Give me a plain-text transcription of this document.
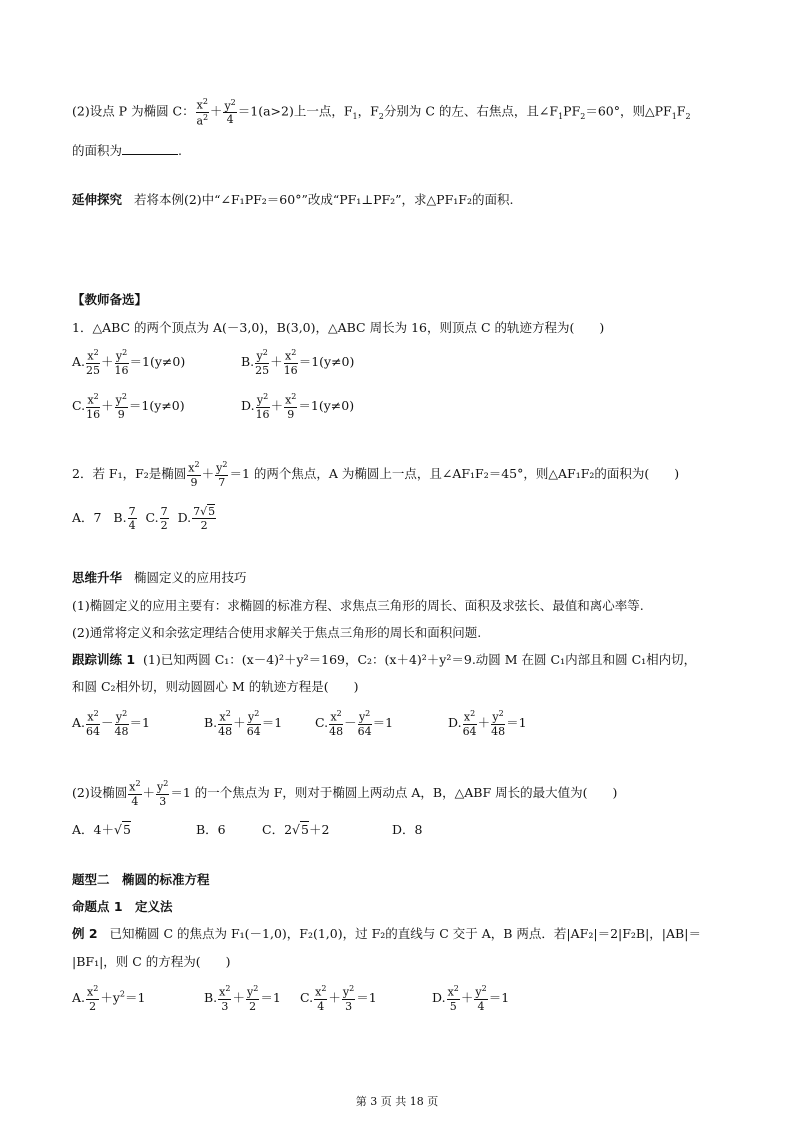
(2)设点 P 为椭圆 C： $\frac{x^2}{a^2} + \frac{y^2}{4} =1(a>2)$上一点，$F_1$，$F_2$分别为 C 的左、右焦点，且$\angle F_1PF_2=60^\circ$，则$\triangle PF_1F_2$
的面积为	.
延伸探究 若将本例(2)中“∠F₁PF₂＝60°”改成“PF₁⊥PF₂”，求△PF₁F₂的面积.
【教师备选】
1．△ABC 的两个顶点为 A(－3,0)，B(3,0)，△ABC 周长为 16，则顶点 C 的轨迹方程为(　　)
A. $\frac{x^2}{25} + \frac{y^2}{16} =1(y\ne 0)$	B. $\frac{y^2}{25} + \frac{x^2}{16} =1(y\ne 0)$
C. $\frac{x^2}{16} + \frac{y^2}{9} =1(y\ne 0)$	D. $\frac{y^2}{16} + \frac{x^2}{9} =1(y\ne 0)$
2．若 F₁，F₂是椭圆 $\frac{x^2}{9} + \frac{y^2}{7} =1$ 的两个焦点，A 为椭圆上一点，且∠AF₁F₂＝45°，则△AF₁F₂的面积为(　　)
A．7 B. $\frac{7}{4} C$. $\frac{7}{2} D$. $\frac{7√5}{2}$
思维升华 椭圆定义的应用技巧
(1)椭圆定义的应用主要有：求椭圆的标准方程、求焦点三角形的周长、面积及求弦长、最值和离心率等.
(2)通常将定义和余弦定理结合使用求解关于焦点三角形的周长和面积问题.
跟踪训练 1 (1)已知两圆 C₁：(x－4)²＋y²＝169，C₂：(x＋4)²＋y²＝9.动圆 M 在圆 C₁内部且和圆 C₁相内切，
和圆 C₂相外切，则动圆圆心 M 的轨迹方程是(　　)
A. $\frac{x^2}{64} - \frac{y^2}{48} =1$	B. $\frac{x^2}{48} + \frac{y^2}{64} =1$	C. $\frac{x^2}{48} - \frac{y^2}{64} =1$	D. $\frac{x^2}{64} + \frac{y^2}{48} =1$
(2)设椭圆 $\frac{x^2}{4} + \frac{y^2}{3} =1$ 的一个焦点为 F，则对于椭圆上两动点 A，B，△ABF 周长的最大值为(　　)
A．4＋√5	B．6	C．2√5＋2	D．8
题型二　椭圆的标准方程
命题点 1　定义法
例 2 已知椭圆 C 的焦点为 F₁(－1,0)，F₂(1,0)，过 F₂的直线与 C 交于 A，B 两点．若|AF₂|＝2|F₂B|，|AB|＝
|BF₁|，则 C 的方程为(　　)
A. $\frac{x^2}{2} +y^2=1$	B. $\frac{x^2}{3} + \frac{y^2}{2} =1$ C. $\frac{x^2}{4} + \frac{y^2}{3} =1$	D. $\frac{x^2}{5} + \frac{y^2}{4} =1$
第 3 页 共 18 页
